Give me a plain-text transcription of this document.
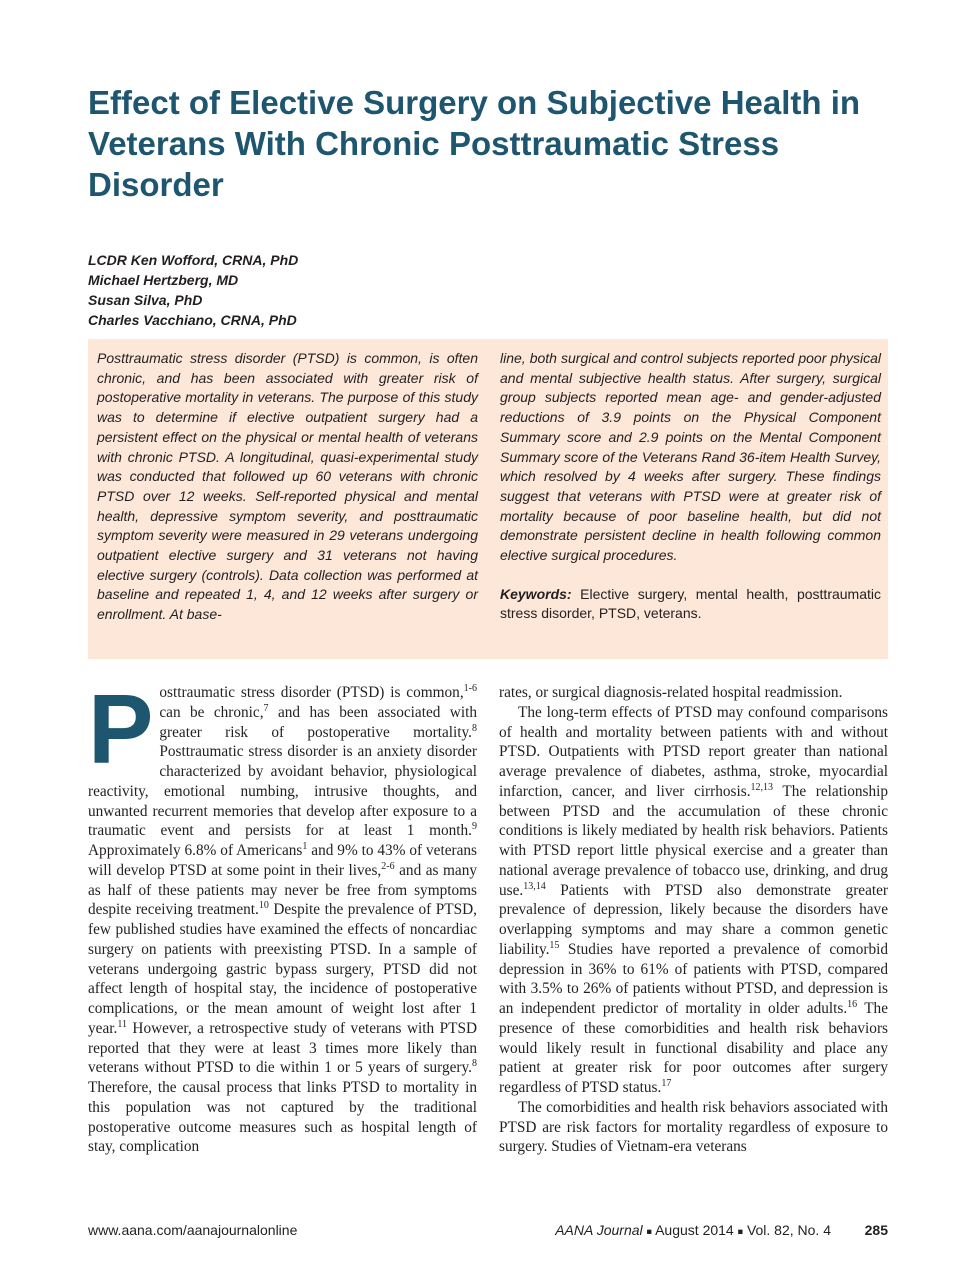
Effect of Elective Surgery on Subjective Health in Veterans With Chronic Posttraumatic Stress Disorder
LCDR Ken Wofford, CRNA, PhD
Michael Hertzberg, MD
Susan Silva, PhD
Charles Vacchiano, CRNA, PhD
Posttraumatic stress disorder (PTSD) is common, is often chronic, and has been associated with greater risk of postoperative mortality in veterans. The purpose of this study was to determine if elective outpatient surgery had a persistent effect on the physical or mental health of veterans with chronic PTSD. A longitudinal, quasi-experimental study was conducted that followed up 60 veterans with chronic PTSD over 12 weeks. Self-reported physical and mental health, depressive symptom severity, and posttraumatic symptom severity were measured in 29 veterans undergoing outpatient elective surgery and 31 veterans not having elective surgery (controls). Data collection was performed at baseline and repeated 1, 4, and 12 weeks after surgery or enrollment. At base-
line, both surgical and control subjects reported poor physical and mental subjective health status. After surgery, surgical group subjects reported mean age- and gender-adjusted reductions of 3.9 points on the Physical Component Summary score and 2.9 points on the Mental Component Summary score of the Veterans Rand 36-item Health Survey, which resolved by 4 weeks after surgery. These findings suggest that veterans with PTSD were at greater risk of mortality because of poor baseline health, but did not demonstrate persistent decline in health following common elective surgical procedures.
Keywords: Elective surgery, mental health, posttraumatic stress disorder, PTSD, veterans.

Posttraumatic stress disorder (PTSD) is common,$^{1-6}$ can be chronic,$^7$ and has been associated with greater risk of postoperative mortality.$^8$ Posttraumatic stress disorder is an anxiety disorder characterized by avoidant behavior, physiological reactivity, emotional numbing, intrusive thoughts, and unwanted recurrent memories that develop after exposure to a traumatic event and persists for at least 1 month.$^9$ Approximately 6.8% of Americans$^1$ and 9% to 43% of veterans will develop PTSD at some point in their lives,$^{2-6}$ and as many as half of these patients may never be free from symptoms despite receiving treatment.$^{10}$ Despite the prevalence of PTSD, few published studies have examined the effects of noncardiac surgery on patients with preexisting PTSD. In a sample of veterans undergoing gastric bypass surgery, PTSD did not affect length of hospital stay, the incidence of postoperative complications, or the mean amount of weight lost after 1 year.$^{11}$ However, a retrospective study of veterans with PTSD reported that they were at least 3 times more likely than veterans without PTSD to die within 1 or 5 years of surgery.$^8$ Therefore, the causal process that links PTSD to mortality in this population was not captured by the traditional postoperative outcome measures such as hospital length of stay, complication

rates, or surgical diagnosis-related hospital readmission.

The long-term effects of PTSD may confound comparisons of health and mortality between patients with and without PTSD. Outpatients with PTSD report greater than national average prevalence of diabetes, asthma, stroke, myocardial infarction, cancer, and liver cirrhosis.$^{12,13}$ The relationship between PTSD and the accumulation of these chronic conditions is likely mediated by health risk behaviors. Patients with PTSD report little physical exercise and a greater than national average prevalence of tobacco use, drinking, and drug use.$^{13,14}$ Patients with PTSD also demonstrate greater prevalence of depression, likely because the disorders have overlapping symptoms and may share a common genetic liability.$^{15}$ Studies have reported a prevalence of comorbid depression in 36% to 61% of patients with PTSD, compared with 3.5% to 26% of patients without PTSD, and depression is an independent predictor of mortality in older adults.$^{16}$ The presence of these comorbidities and health risk behaviors would likely result in functional disability and place any patient at greater risk for poor outcomes after surgery regardless of PTSD status.$^{17}$

The comorbidities and health risk behaviors associated with PTSD are risk factors for mortality regardless of exposure to surgery. Studies of Vietnam-era veterans

www.aana.com/aanajournalonline	AANA Journal ■ August 2014 ■ Vol. 82, No. 4 285
